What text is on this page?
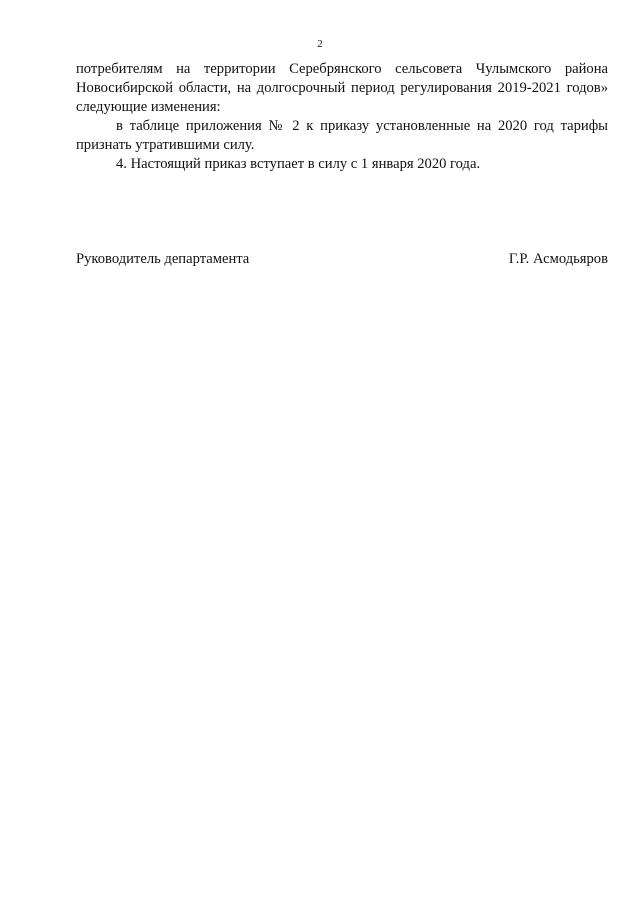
2

потребителям на территории Серебрянского сельсовета Чулымского района Новосибирской области, на долгосрочный период регулирования 2019-2021 годов» следующие изменения:

в таблице приложения № 2 к приказу установленные на 2020 год тарифы признать утратившими силу.

4. Настоящий приказ вступает в силу с 1 января 2020 года.

Руководитель департамента	Г.Р. Асмодьяров
